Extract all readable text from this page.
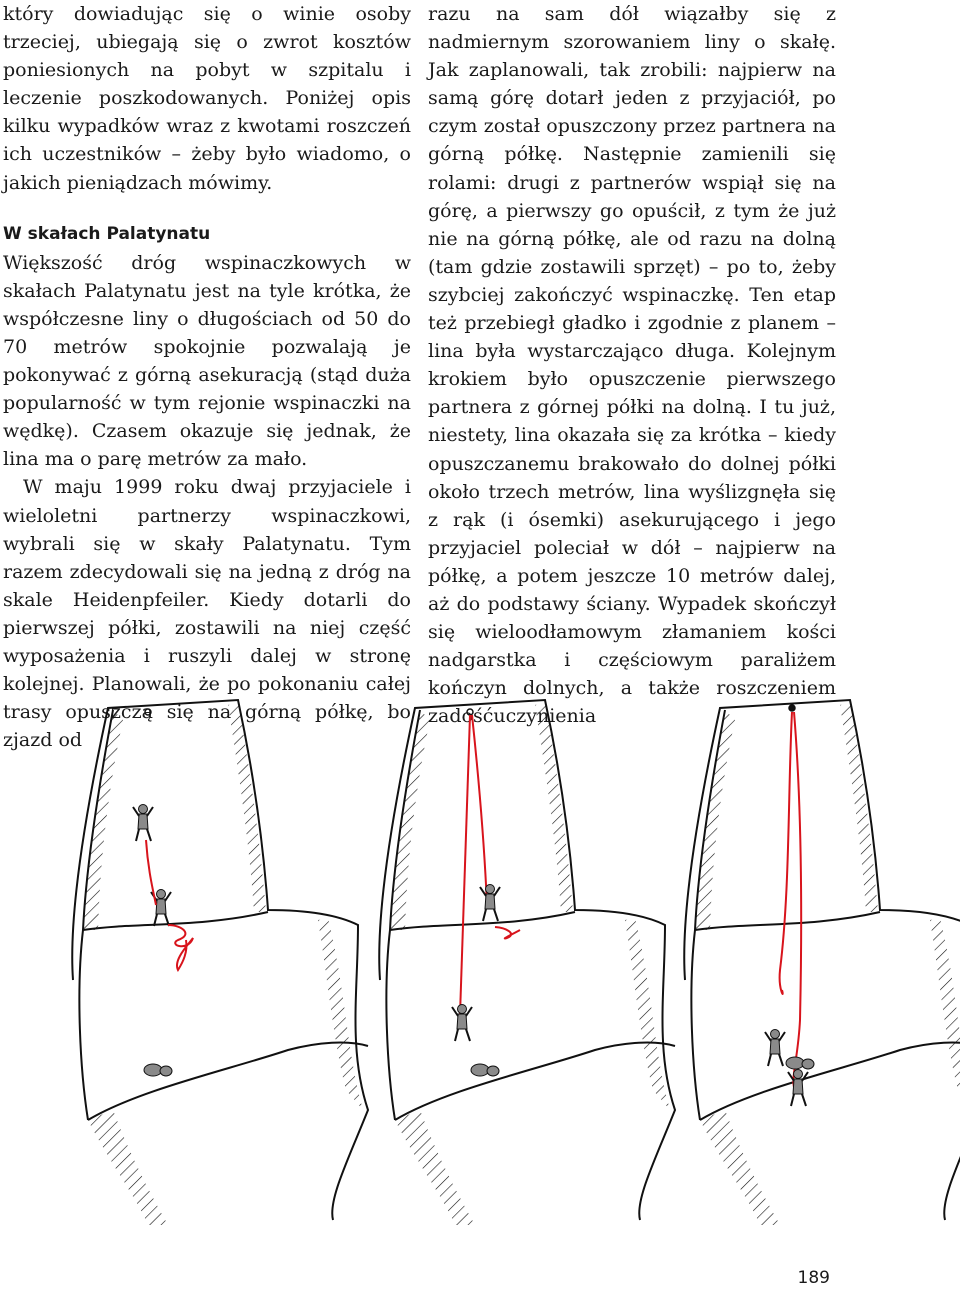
który dowiadując się o winie osoby trzeciej, ubiegają się o zwrot kosztów poniesionych na pobyt w szpitalu i leczenie poszkodowanych. Poniżej opis kilku wypadków wraz z kwotami roszczeń ich uczestników – żeby było wiadomo, o jakich pieniądzach mówimy.

W skałach Palatynatu

Większość dróg wspinaczkowych w skałach Palatynatu jest na tyle krótka, że współczesne liny o długościach od 50 do 70 metrów spokojnie pozwalają je pokonywać z górną asekuracją (stąd duża popularność w tym rejonie wspinaczki na wędkę). Czasem okazuje się jednak, że lina ma o parę metrów za mało.

W maju 1999 roku dwaj przyjaciele i wieloletni partnerzy wspinaczkowi, wybrali się w skały Palatynatu. Tym razem zdecydowali się na jedną z dróg na skale Heidenpfeiler. Kiedy dotarli do pierwszej półki, zostawili na niej część wyposażenia i ruszyli dalej w stronę kolejnej. Planowali, że po pokonaniu całej trasy opuszczą się na górną półkę, bo zjazd od

razu na sam dół wiązałby się z nadmiernym szorowaniem liny o skałę. Jak zaplanowali, tak zrobili: najpierw na samą górę dotarł jeden z przyjaciół, po czym został opuszczony przez partnera na górną półkę. Następnie zamienili się rolami: drugi z partnerów wspiął się na górę, a pierwszy go opuścił, z tym że już nie na górną półkę, ale od razu na dolną (tam gdzie zostawili sprzęt) – po to, żeby szybciej zakończyć wspinaczkę. Ten etap też przebiegł gładko i zgodnie z planem – lina była wystarczająco długa. Kolejnym krokiem było opuszczenie pierwszego partnera z górnej półki na dolną. I tu już, niestety, lina okazała się za krótka – kiedy opuszczanemu brakowało do dolnej półki około trzech metrów, lina wyślizgnęła się z rąk (i ósemki) asekurującego i jego przyjaciel poleciał w dół – najpierw na półkę, a potem jeszcze 10 metrów dalej, aż do podstawy ściany. Wypadek skończył się wieloodłamowym złamaniem kości nadgarstka i częściowym paraliżem kończyn dolnych, a także roszczeniem zadośćuczynienia

189
